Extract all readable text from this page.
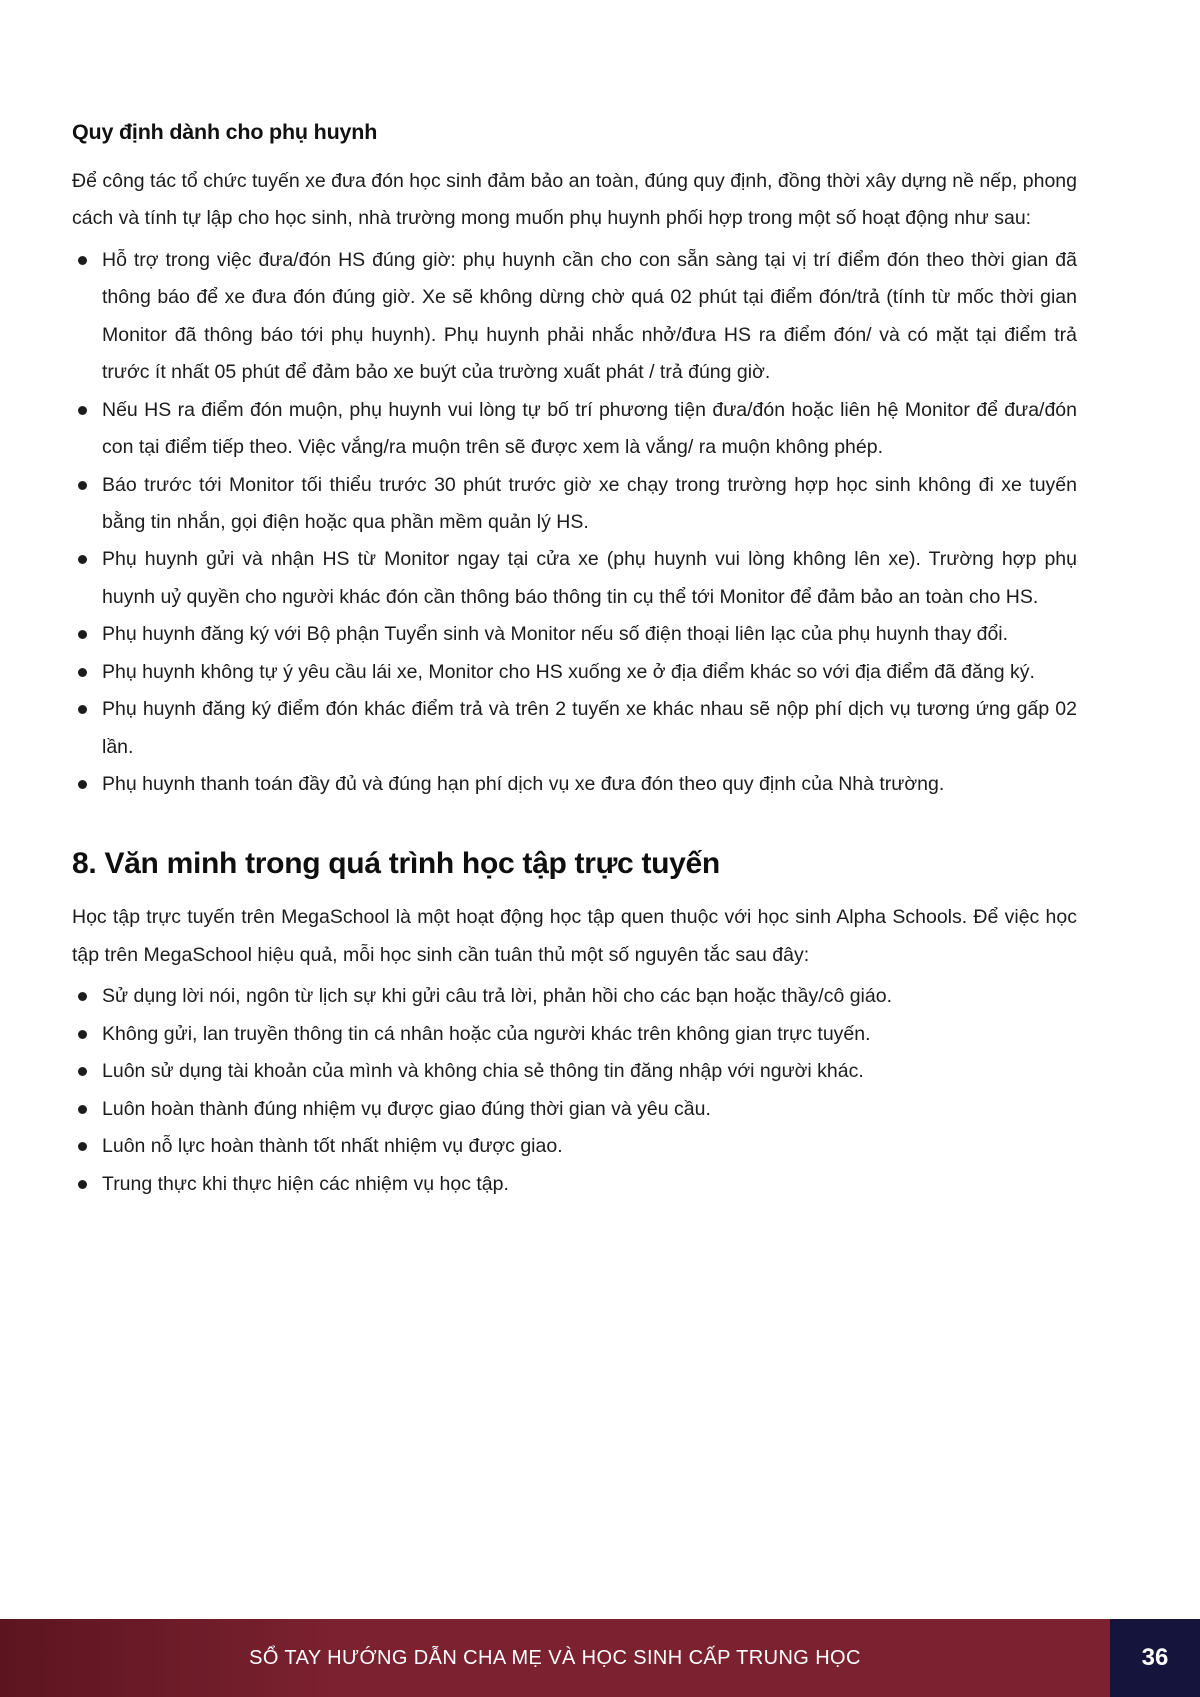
Quy định dành cho phụ huynh

Để công tác tổ chức tuyến xe đưa đón học sinh đảm bảo an toàn, đúng quy định, đồng thời xây dựng nề nếp, phong cách và tính tự lập cho học sinh, nhà trường mong muốn phụ huynh phối hợp trong một số hoạt động như sau:

Hỗ trợ trong việc đưa/đón HS đúng giờ: phụ huynh cần cho con sẵn sàng tại vị trí điểm đón theo thời gian đã thông báo để xe đưa đón đúng giờ. Xe sẽ không dừng chờ quá 02 phút tại điểm đón/trả (tính từ mốc thời gian Monitor đã thông báo tới phụ huynh). Phụ huynh phải nhắc nhở/đưa HS ra điểm đón/ và có mặt tại điểm trả trước ít nhất 05 phút để đảm bảo xe buýt của trường xuất phát / trả đúng giờ.
Nếu HS ra điểm đón muộn, phụ huynh vui lòng tự bố trí phương tiện đưa/đón hoặc liên hệ Monitor để đưa/đón con tại điểm tiếp theo. Việc vắng/ra muộn trên sẽ được xem là vắng/ ra muộn không phép.
Báo trước tới Monitor tối thiểu trước 30 phút trước giờ xe chạy trong trường hợp học sinh không đi xe tuyến bằng tin nhắn, gọi điện hoặc qua phần mềm quản lý HS.
Phụ huynh gửi và nhận HS từ Monitor ngay tại cửa xe (phụ huynh vui lòng không lên xe). Trường hợp phụ huynh uỷ quyền cho người khác đón cần thông báo thông tin cụ thể tới Monitor để đảm bảo an toàn cho HS.
Phụ huynh đăng ký với Bộ phận Tuyển sinh và Monitor nếu số điện thoại liên lạc của phụ huynh thay đổi.
Phụ huynh không tự ý yêu cầu lái xe, Monitor cho HS xuống xe ở địa điểm khác so với địa điểm đã đăng ký.
Phụ huynh đăng ký điểm đón khác điểm trả và trên 2 tuyến xe khác nhau sẽ nộp phí dịch vụ tương ứng gấp 02 lần.
Phụ huynh thanh toán đầy đủ và đúng hạn phí dịch vụ xe đưa đón theo quy định của Nhà trường.
8. Văn minh trong quá trình học tập trực tuyến

Học tập trực tuyến trên MegaSchool là một hoạt động học tập quen thuộc với học sinh Alpha Schools. Để việc học tập trên MegaSchool hiệu quả, mỗi học sinh cần tuân thủ một số nguyên tắc sau đây:

Sử dụng lời nói, ngôn từ lịch sự khi gửi câu trả lời, phản hồi cho các bạn hoặc thầy/cô giáo.
Không gửi, lan truyền thông tin cá nhân hoặc của người khác trên không gian trực tuyến.
Luôn sử dụng tài khoản của mình và không chia sẻ thông tin đăng nhập với người khác.
Luôn hoàn thành đúng nhiệm vụ được giao đúng thời gian và yêu cầu.
Luôn nỗ lực hoàn thành tốt nhất nhiệm vụ được giao.
Trung thực khi thực hiện các nhiệm vụ học tập.
SỔ TAY HƯỚNG DẪN CHA MẸ VÀ HỌC SINH CẤP TRUNG HỌC	36
